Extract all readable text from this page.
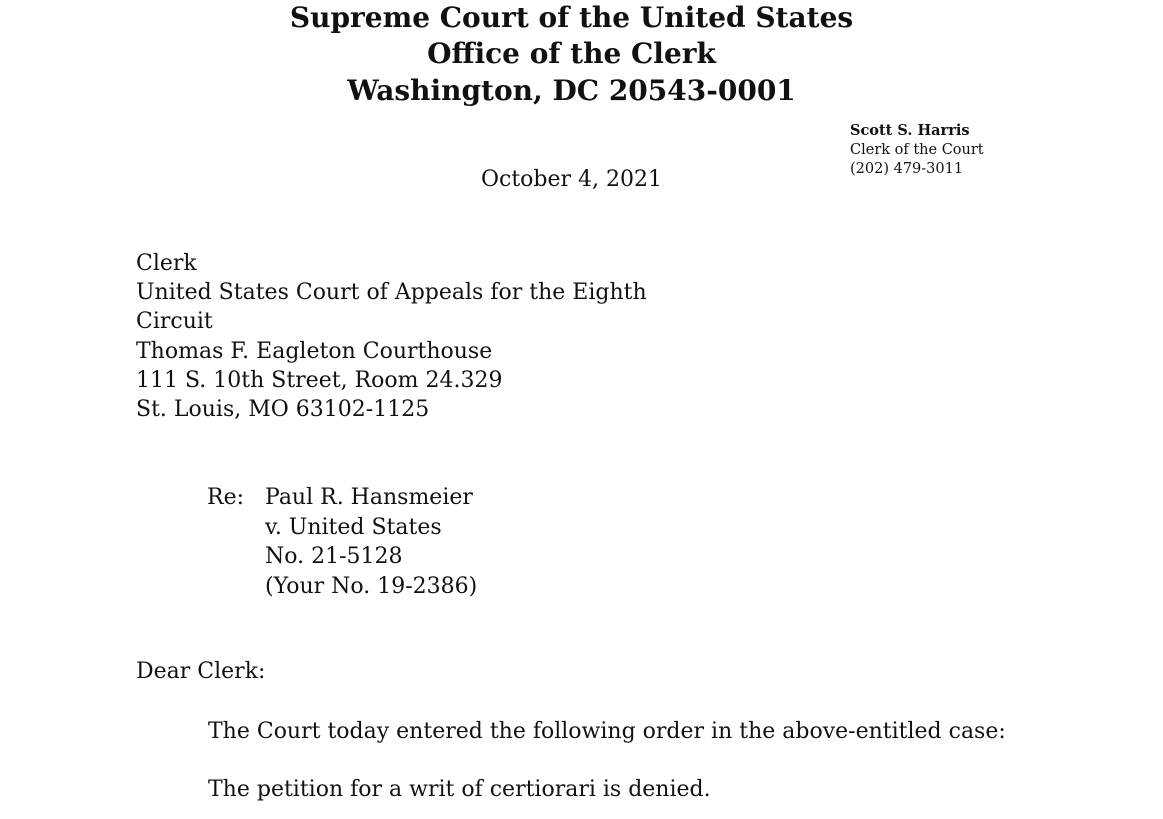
Supreme Court of the United States
Office of the Clerk
Washington, DC 20543-0001
Scott S. Harris
Clerk of the Court
(202) 479-3011
October 4, 2021
Clerk
United States Court of Appeals for the Eighth
Circuit
Thomas F. Eagleton Courthouse
111 S. 10th Street, Room 24.329
St. Louis, MO 63102-1125
Re: Paul R. Hansmeier
v. United States
No. 21-5128
(Your No. 19-2386)
Dear Clerk:
The Court today entered the following order in the above-entitled case:
The petition for a writ of certiorari is denied.
